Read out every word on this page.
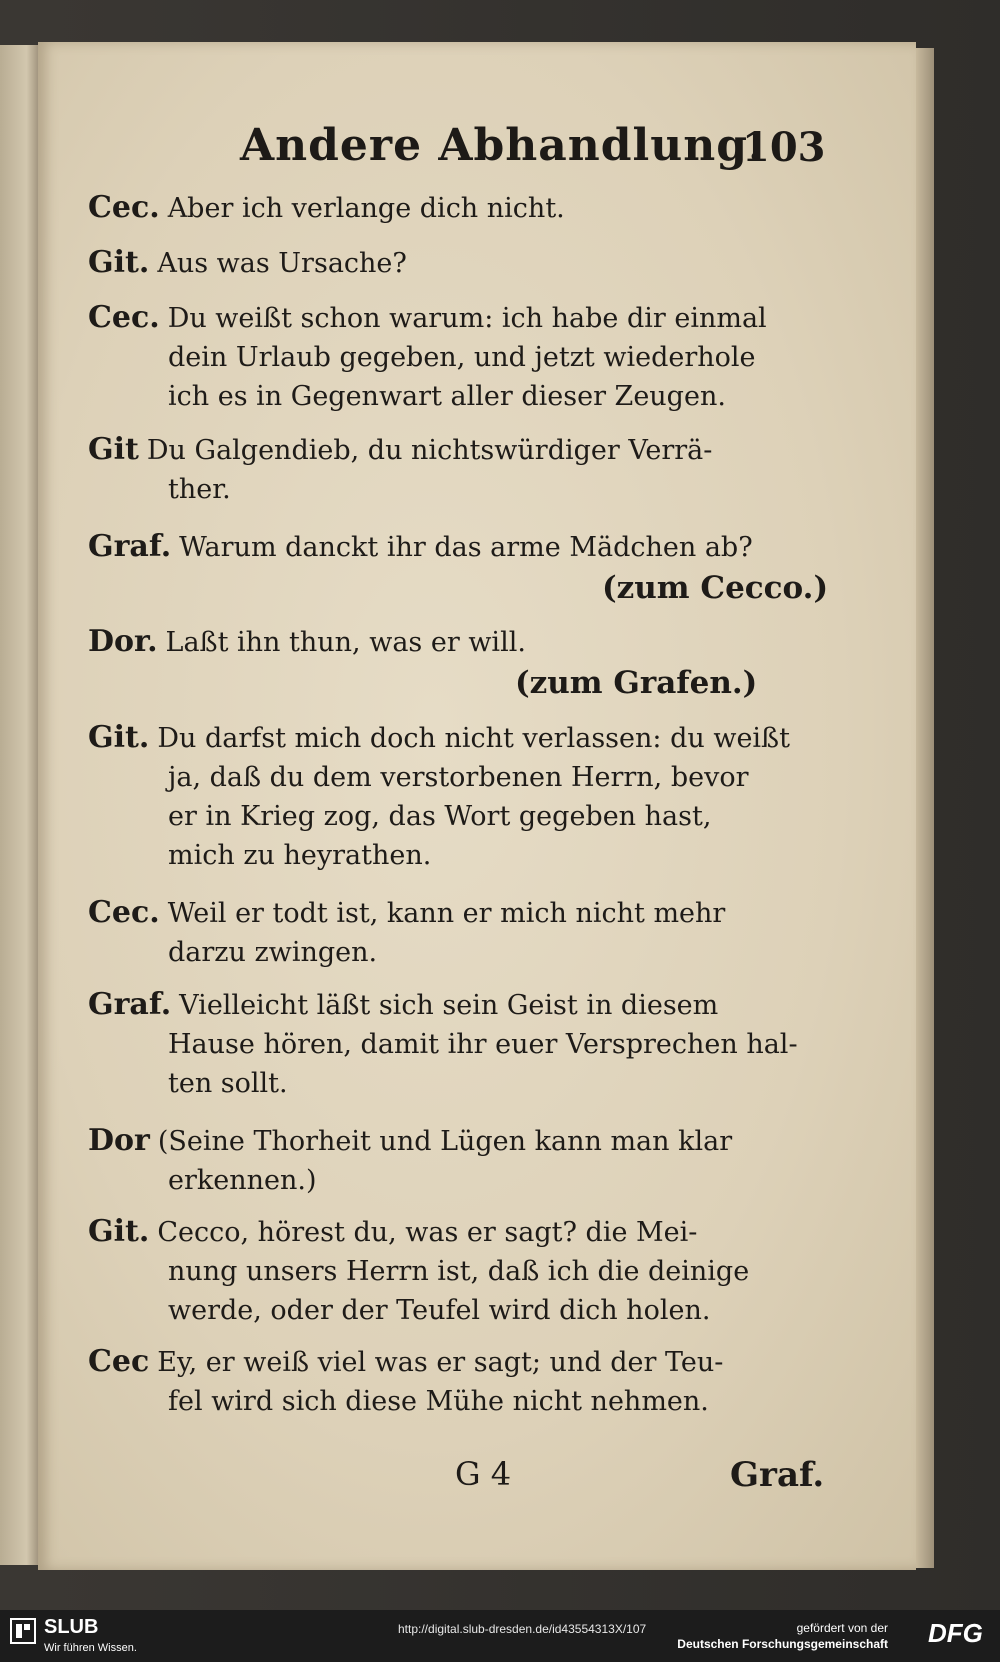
Andere Abhandlung.
103
Cec. Aber ich verlange dich nicht.
Git. Aus was Ursache?
Cec. Du weißt schon warum: ich habe dir einmal
dein Urlaub gegeben, und jetzt wiederhole
ich es in Gegenwart aller dieser Zeugen.
Git Du Galgendieb, du nichtswürdiger Verrä-
ther.
Graf. Warum danckt ihr das arme Mädchen ab?
(zum Cecco.)
Dor. Laßt ihn thun, was er will.
(zum Grafen.)
Git. Du darfst mich doch nicht verlassen: du weißt
ja, daß du dem verstorbenen Herrn, bevor
er in Krieg zog, das Wort gegeben hast,
mich zu heyrathen.
Cec. Weil er todt ist, kann er mich nicht mehr
darzu zwingen.
Graf. Vielleicht läßt sich sein Geist in diesem
Hause hören, damit ihr euer Versprechen hal-
ten sollt.
Dor (Seine Thorheit und Lügen kann man klar
erkennen.)
Git. Cecco, hörest du, was er sagt? die Mei-
nung unsers Herrn ist, daß ich die deinige
werde, oder der Teufel wird dich holen.
Cec Ey, er weiß viel was er sagt; und der Teu-
fel wird sich diese Mühe nicht nehmen.
G 4	Graf.
SLUB
Wir führen Wissen.
http://digital.slub-dresden.de/id43554313X/107	gefördert von der
Deutschen Forschungsgemeinschaft DFG
